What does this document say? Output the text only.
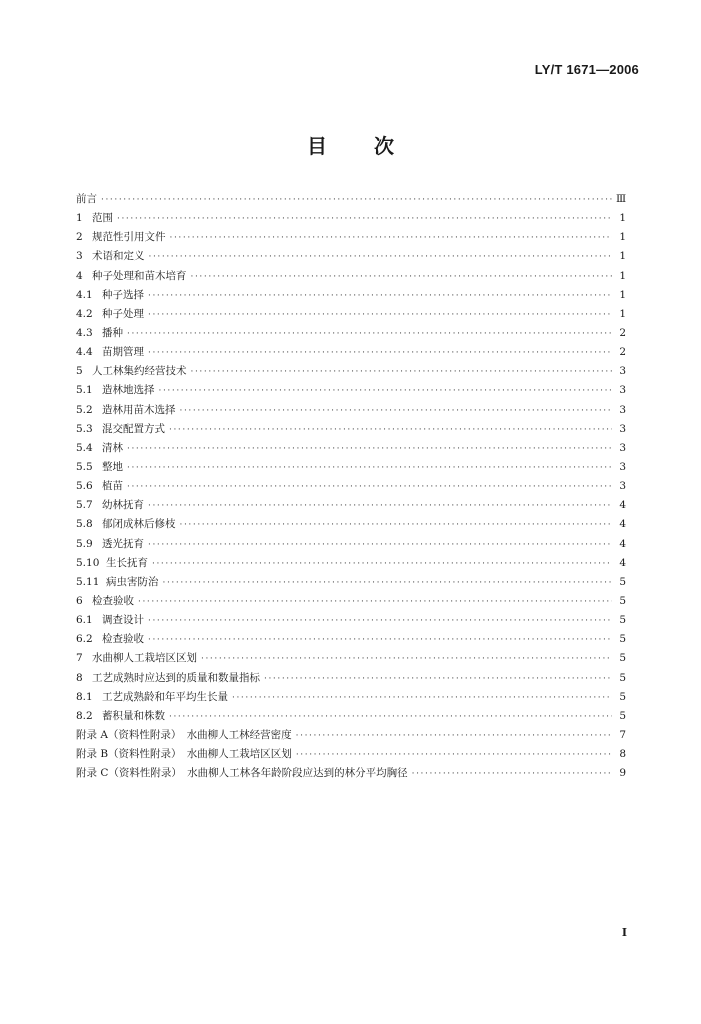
LY/T 1671—2006
目 次
前言 ·····	Ⅲ
1 范围 ·····	1
2 规范性引用文件 ·····	1
3 术语和定义 ·····	1
4 种子处理和苗木培育 ·····	1
4.1 种子选择 ·····	1
4.2 种子处理 ·····	1
4.3 播种 ·····	2
4.4 苗期管理 ·····	2
5 人工林集约经营技术 ·····	3
5.1 造林地选择 ·····	3
5.2 造林用苗木选择 ·····	3
5.3 混交配置方式 ·····	3
5.4 清林 ·····	3
5.5 整地 ·····	3
5.6 植苗 ·····	3
5.7 幼林抚育 ·····	4
5.8 郁闭成林后修枝 ·····	4
5.9 透光抚育 ·····	4
5.10 生长抚育 ·····	4
5.11 病虫害防治 ·····	5
6 检查验收 ·····	5
6.1 调查设计 ·····	5
6.2 检查验收 ·····	5
7 水曲柳人工栽培区区划 ·····	5
8 工艺成熟时应达到的质量和数量指标 ·····	5
8.1 工艺成熟龄和年平均生长量 ·····	5
8.2 蓄积量和株数 ·····	5
附录 A（资料性附录）　水曲柳人工林经营密度 ·····	7
附录 B（资料性附录）　水曲柳人工栽培区区划 ·····	8
附录 C（资料性附录）　水曲柳人工林各年龄阶段应达到的林分平均胸径 ·····	9
I
